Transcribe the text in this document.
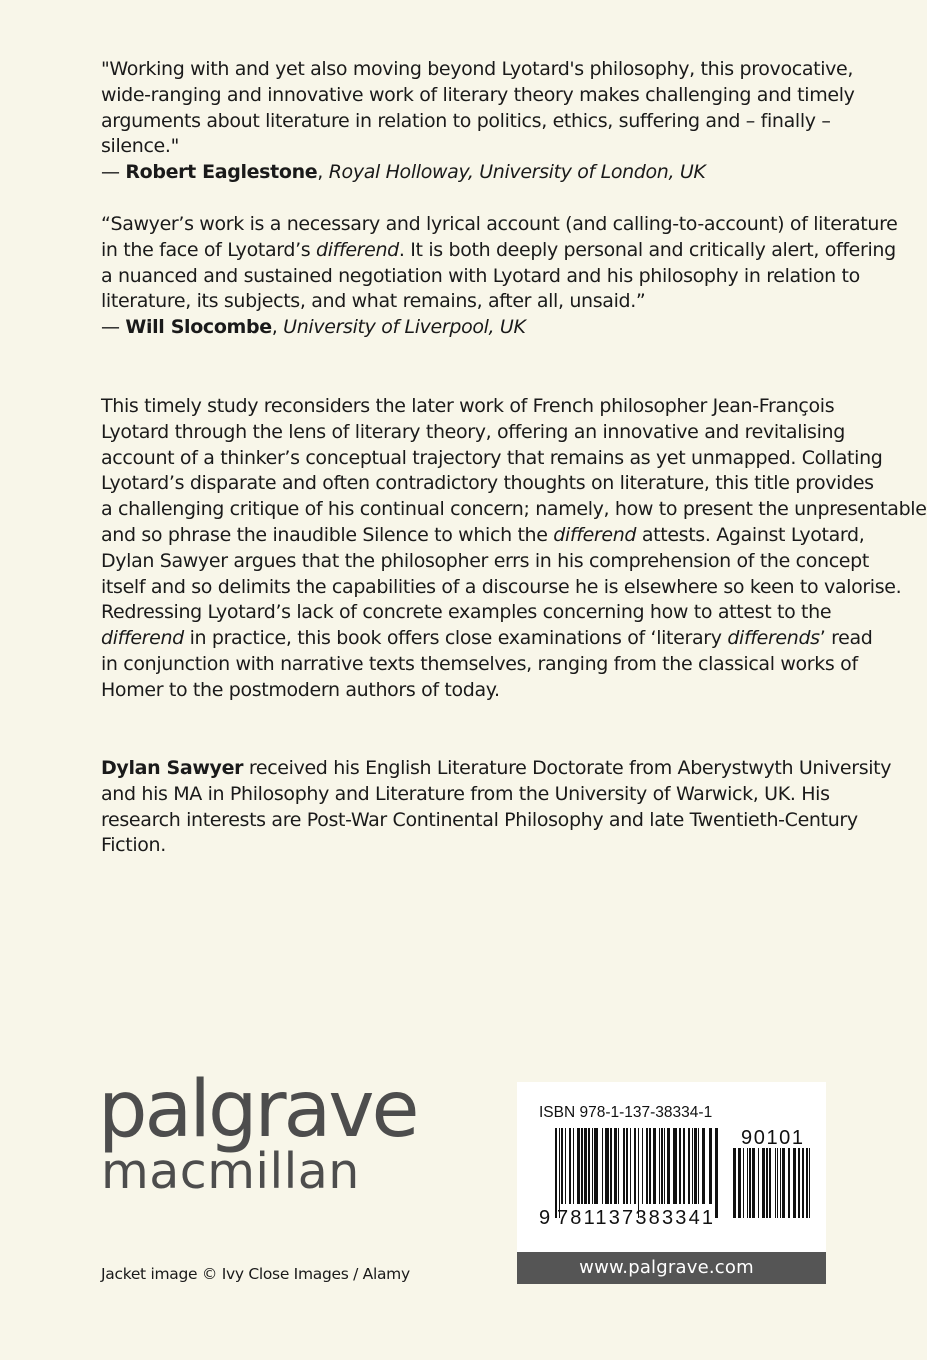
"Working with and yet also moving beyond Lyotard's philosophy, this provocative,
wide-ranging and innovative work of literary theory makes challenging and timely
arguments about literature in relation to politics, ethics, suffering and – finally –
silence."
— Robert Eaglestone, Royal Holloway, University of London, UK
“Sawyer’s work is a necessary and lyrical account (and calling-to-account) of literature
in the face of Lyotard’s differend. It is both deeply personal and critically alert, offering
a nuanced and sustained negotiation with Lyotard and his philosophy in relation to
literature, its subjects, and what remains, after all, unsaid.”
— Will Slocombe, University of Liverpool, UK
This timely study reconsiders the later work of French philosopher Jean-François
Lyotard through the lens of literary theory, offering an innovative and revitalising
account of a thinker’s conceptual trajectory that remains as yet unmapped. Collating
Lyotard’s disparate and often contradictory thoughts on literature, this title provides
a challenging critique of his continual concern; namely, how to present the unpresentable
and so phrase the inaudible Silence to which the differend attests. Against Lyotard,
Dylan Sawyer argues that the philosopher errs in his comprehension of the concept
itself and so delimits the capabilities of a discourse he is elsewhere so keen to valorise.
Redressing Lyotard’s lack of concrete examples concerning how to attest to the
differend in practice, this book offers close examinations of ‘literary differends’ read
in conjunction with narrative texts themselves, ranging from the classical works of
Homer to the postmodern authors of today.
Dylan Sawyer received his English Literature Doctorate from Aberystwyth University
and his MA in Philosophy and Literature from the University of Warwick, UK. His
research interests are Post-War Continental Philosophy and late Twentieth-Century
Fiction.
palgrave
macmillan
Jacket image © Ivy Close Images / Alamy
9 781137383341
90101
ISBN 978-1-137-38334-1
www.palgrave.com
